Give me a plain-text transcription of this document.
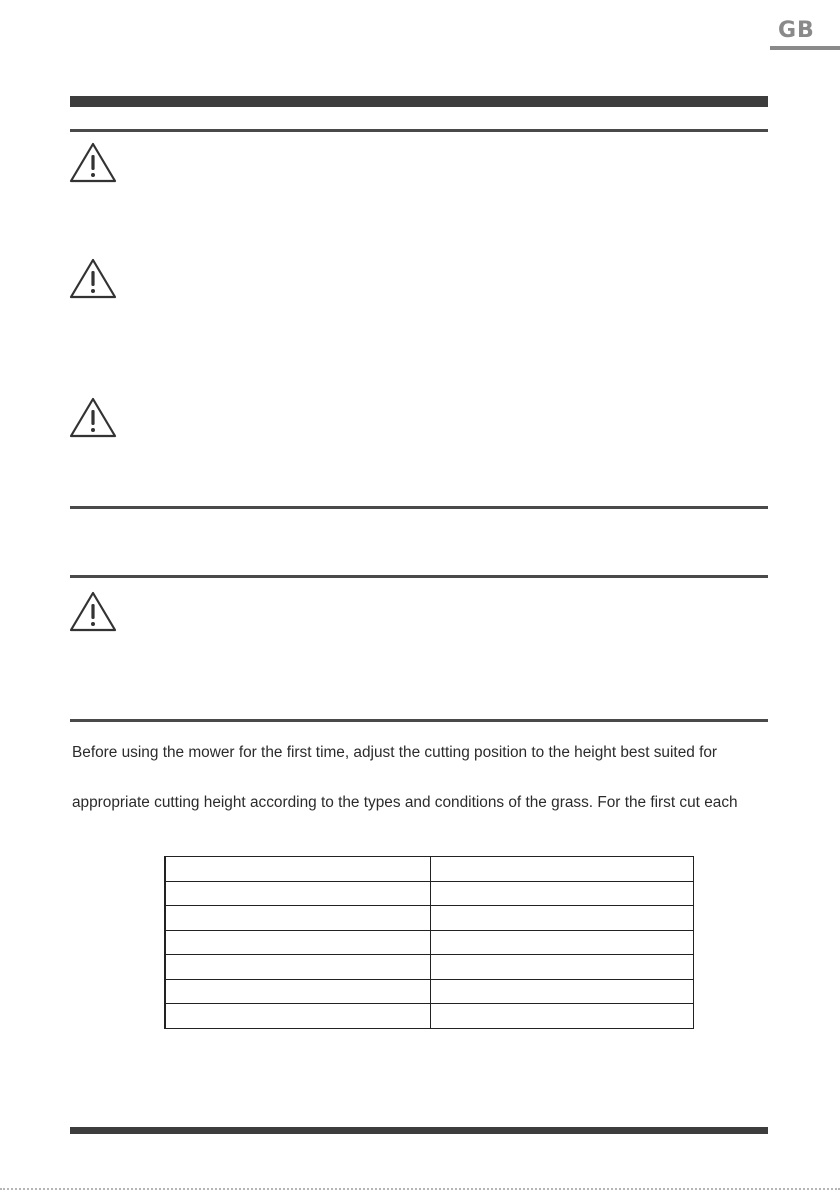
GB
Before using the mower for the first time, adjust the cutting position to the height best suited for
appropriate cutting height according to the types and conditions of the grass. For the first cut each
